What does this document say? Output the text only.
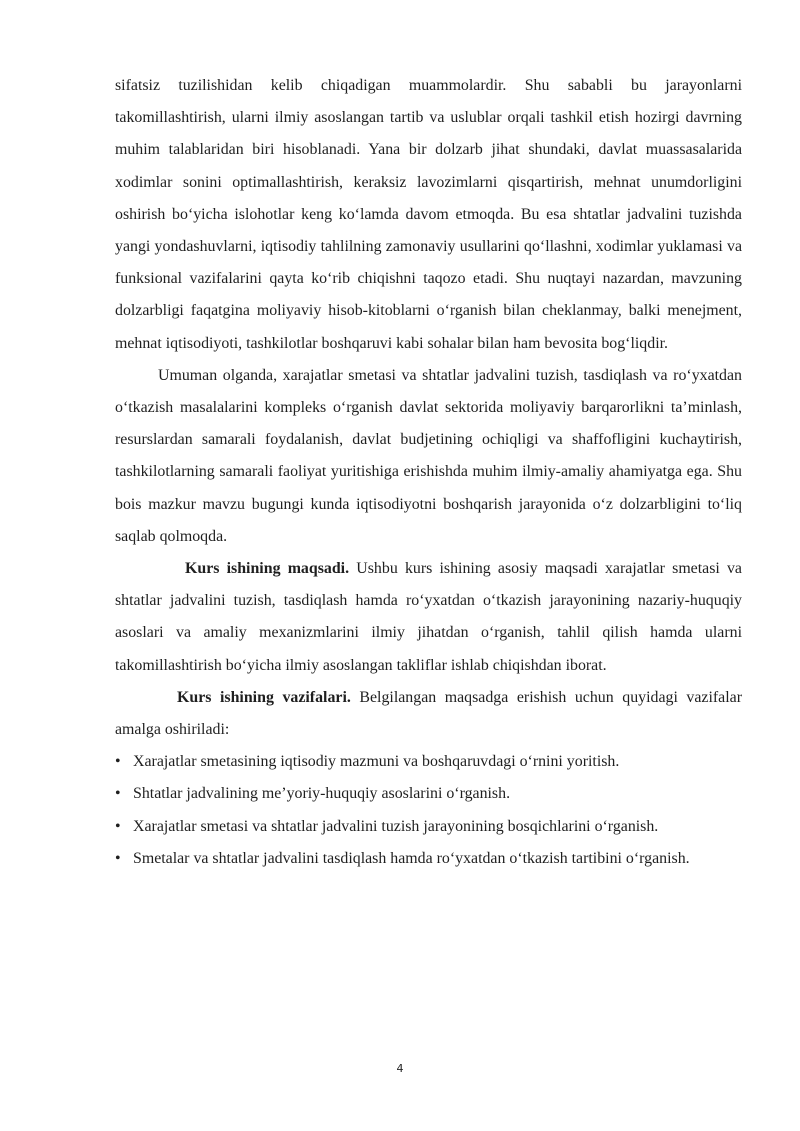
sifatsiz tuzilishidan kelib chiqadigan muammolardir. Shu sababli bu jarayonlarni takomillashtirish, ularni ilmiy asoslangan tartib va uslublar orqali tashkil etish hozirgi davrning muhim talablaridan biri hisoblanadi. Yana bir dolzarb jihat shundaki, davlat muassasalarida xodimlar sonini optimallashtirish, keraksiz lavozimlarni qisqartirish, mehnat unumdorligini oshirish bo‘yicha islohotlar keng ko‘lamda davom etmoqda. Bu esa shtatlar jadvalini tuzishda yangi yondashuvlarni, iqtisodiy tahlilning zamonaviy usullarini qo‘llashni, xodimlar yuklamasi va funksional vazifalarini qayta ko‘rib chiqishni taqozo etadi. Shu nuqtayi nazardan, mavzuning dolzarbligi faqatgina moliyaviy hisob-kitoblarni o‘rganish bilan cheklanmay, balki menejment, mehnat iqtisodiyoti, tashkilotlar boshqaruvi kabi sohalar bilan ham bevosita bog‘liqdir.

Umuman olganda, xarajatlar smetasi va shtatlar jadvalini tuzish, tasdiqlash va ro‘yxatdan o‘tkazish masalalarini kompleks o‘rganish davlat sektorida moliyaviy barqarorlikni ta’minlash, resurslardan samarali foydalanish, davlat budjetining ochiqligi va shaffofligini kuchaytirish, tashkilotlarning samarali faoliyat yuritishiga erishishda muhim ilmiy-amaliy ahamiyatga ega. Shu bois mazkur mavzu bugungi kunda iqtisodiyotni boshqarish jarayonida o‘z dolzarbligini to‘liq saqlab qolmoqda.

Kurs ishining maqsadi. Ushbu kurs ishining asosiy maqsadi xarajatlar smetasi va shtatlar jadvalini tuzish, tasdiqlash hamda ro‘yxatdan o‘tkazish jarayonining nazariy-huquqiy asoslari va amaliy mexanizmlarini ilmiy jihatdan o‘rganish, tahlil qilish hamda ularni takomillashtirish bo‘yicha ilmiy asoslangan takliflar ishlab chiqishdan iborat.

Kurs ishining vazifalari. Belgilangan maqsadga erishish uchun quyidagi vazifalar amalga oshiriladi:

• Xarajatlar smetasining iqtisodiy mazmuni va boshqaruvdagi o‘rnini yoritish.
• Shtatlar jadvalining me’yoriy-huquqiy asoslarini o‘rganish.
• Xarajatlar smetasi va shtatlar jadvalini tuzish jarayonining bosqichlarini o‘rganish.
• Smetalar va shtatlar jadvalini tasdiqlash hamda ro‘yxatdan o‘tkazish tartibini o‘rganish.
4
